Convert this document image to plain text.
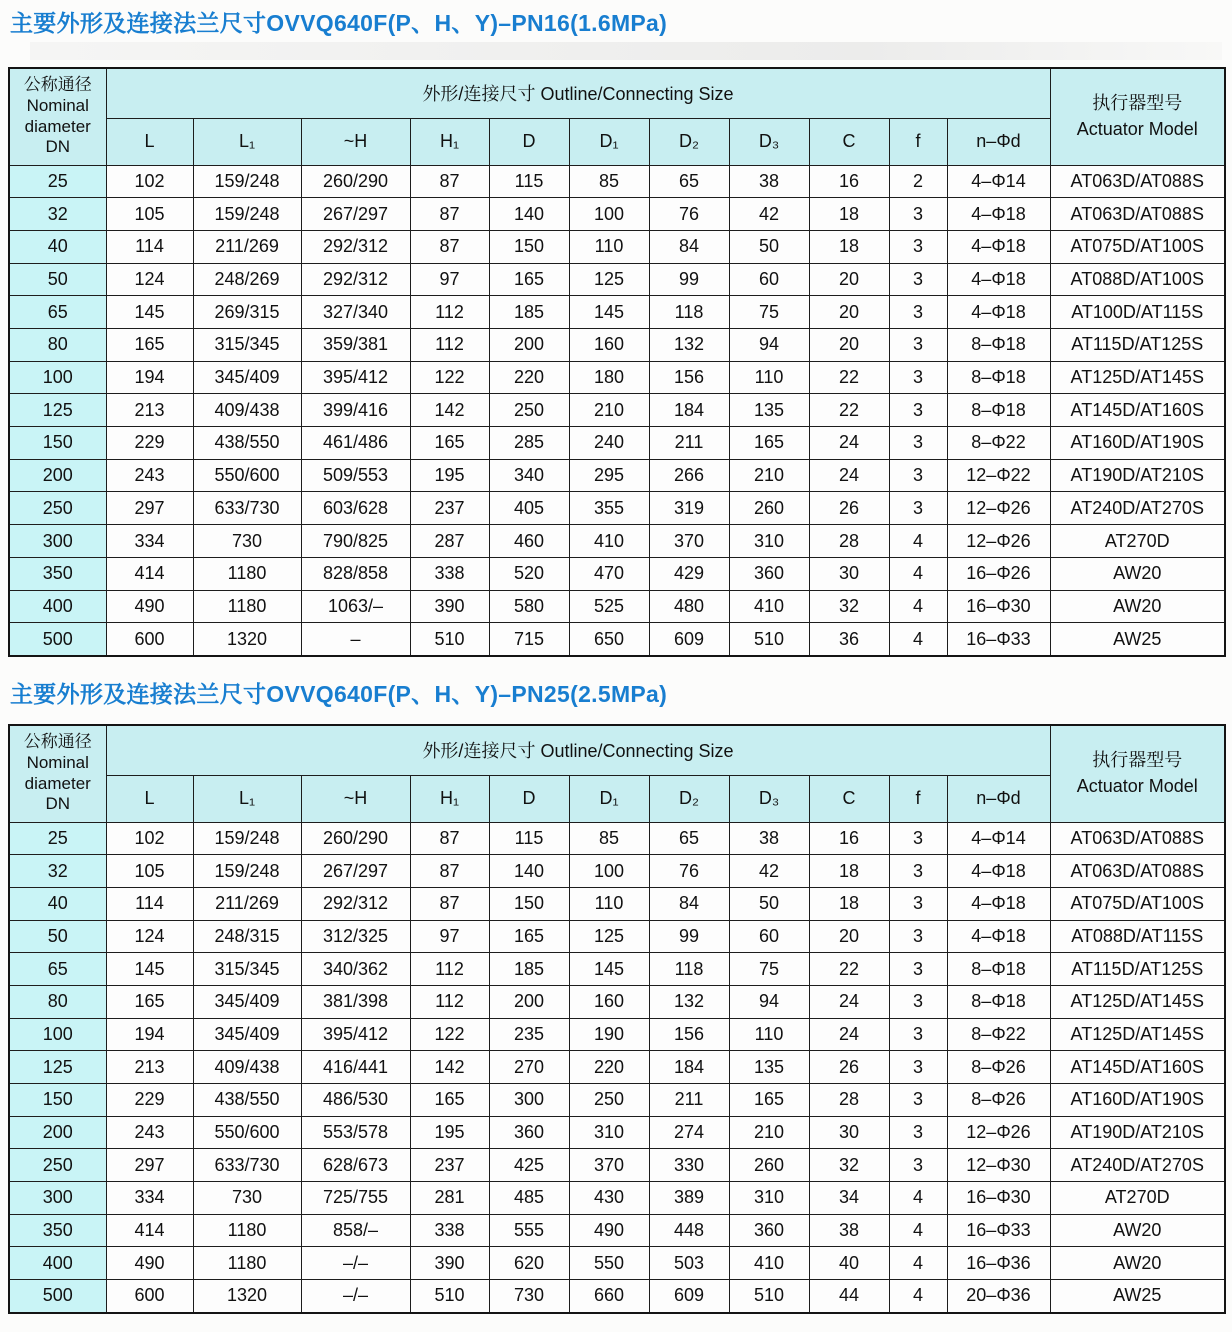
主要外形及连接法兰尺寸OVVQ640F(P、H、Y)–PN16(1.6MPa)
公称通径
Nominal
diameter
DN
	外形/连接尺寸 Outline/Connecting Size	执行器型号
Actuator Model

	L	L₁	~H	H₁	D	D₁	D₂	D₃	C	f	n–Φd	
25	102	159/248	260/290	87	115	85	65	38	16	2	4–Φ14	AT063D/AT088S
32	105	159/248	267/297	87	140	100	76	42	18	3	4–Φ18	AT063D/AT088S
40	114	211/269	292/312	87	150	110	84	50	18	3	4–Φ18	AT075D/AT100S
50	124	248/269	292/312	97	165	125	99	60	20	3	4–Φ18	AT088D/AT100S
65	145	269/315	327/340	112	185	145	118	75	20	3	4–Φ18	AT100D/AT115S
80	165	315/345	359/381	112	200	160	132	94	20	3	8–Φ18	AT115D/AT125S
100	194	345/409	395/412	122	220	180	156	110	22	3	8–Φ18	AT125D/AT145S
125	213	409/438	399/416	142	250	210	184	135	22	3	8–Φ18	AT145D/AT160S
150	229	438/550	461/486	165	285	240	211	165	24	3	8–Φ22	AT160D/AT190S
200	243	550/600	509/553	195	340	295	266	210	24	3	12–Φ22	AT190D/AT210S
250	297	633/730	603/628	237	405	355	319	260	26	3	12–Φ26	AT240D/AT270S
300	334	730	790/825	287	460	410	370	310	28	4	12–Φ26	AT270D
350	414	1180	828/858	338	520	470	429	360	30	4	16–Φ26	AW20
400	490	1180	1063/–	390	580	525	480	410	32	4	16–Φ30	AW20
500	600	1320	–	510	715	650	609	510	36	4	16–Φ33	AW25
主要外形及连接法兰尺寸OVVQ640F(P、H、Y)–PN25(2.5MPa)
公称通径
Nominal
diameter
DN
	外形/连接尺寸 Outline/Connecting Size	执行器型号
Actuator Model

	L	L₁	~H	H₁	D	D₁	D₂	D₃	C	f	n–Φd	
25	102	159/248	260/290	87	115	85	65	38	16	3	4–Φ14	AT063D/AT088S
32	105	159/248	267/297	87	140	100	76	42	18	3	4–Φ18	AT063D/AT088S
40	114	211/269	292/312	87	150	110	84	50	18	3	4–Φ18	AT075D/AT100S
50	124	248/315	312/325	97	165	125	99	60	20	3	4–Φ18	AT088D/AT115S
65	145	315/345	340/362	112	185	145	118	75	22	3	8–Φ18	AT115D/AT125S
80	165	345/409	381/398	112	200	160	132	94	24	3	8–Φ18	AT125D/AT145S
100	194	345/409	395/412	122	235	190	156	110	24	3	8–Φ22	AT125D/AT145S
125	213	409/438	416/441	142	270	220	184	135	26	3	8–Φ26	AT145D/AT160S
150	229	438/550	486/530	165	300	250	211	165	28	3	8–Φ26	AT160D/AT190S
200	243	550/600	553/578	195	360	310	274	210	30	3	12–Φ26	AT190D/AT210S
250	297	633/730	628/673	237	425	370	330	260	32	3	12–Φ30	AT240D/AT270S
300	334	730	725/755	281	485	430	389	310	34	4	16–Φ30	AT270D
350	414	1180	858/–	338	555	490	448	360	38	4	16–Φ33	AW20
400	490	1180	–/–	390	620	550	503	410	40	4	16–Φ36	AW20
500	600	1320	–/–	510	730	660	609	510	44	4	20–Φ36	AW25
